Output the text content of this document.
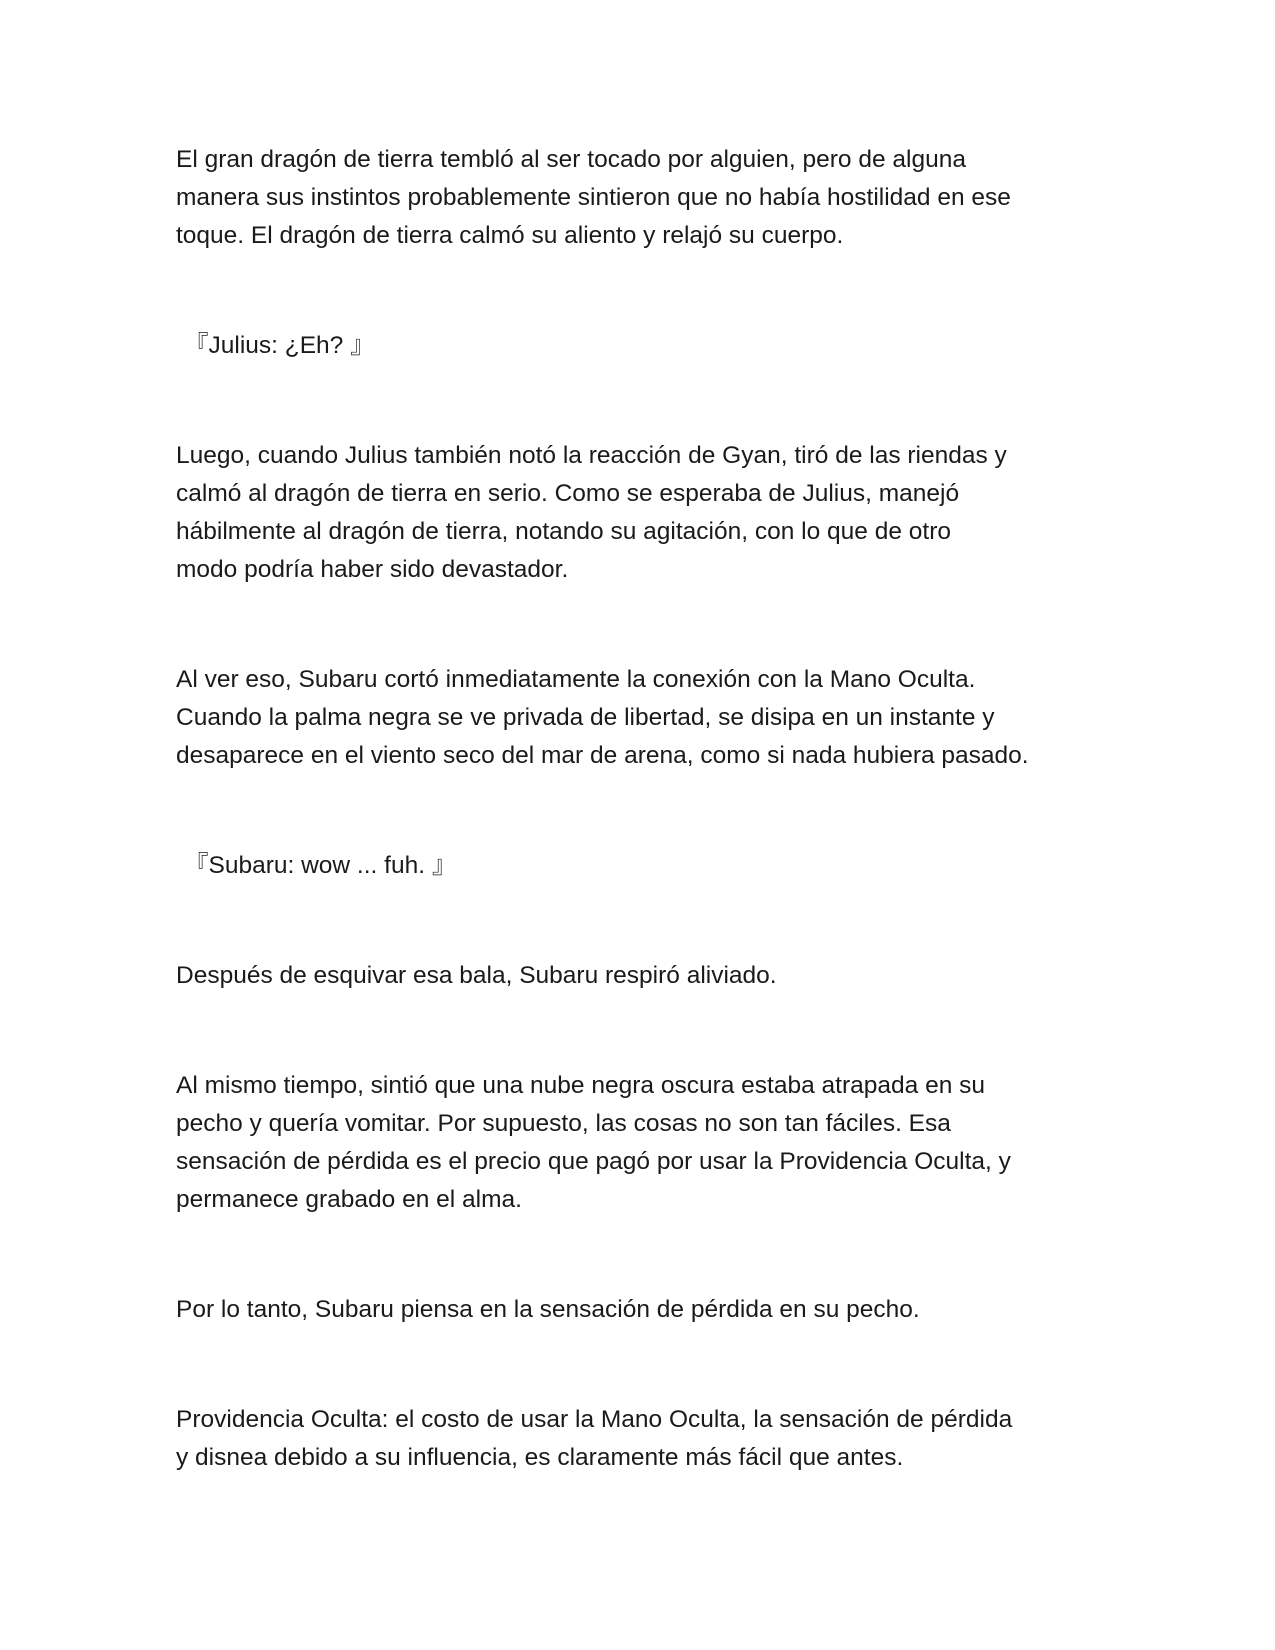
El gran dragón de tierra tembló al ser tocado por alguien, pero de alguna
manera sus instintos probablemente sintieron que no había hostilidad en ese
toque. El dragón de tierra calmó su aliento y relajó su cuerpo.

『Julius: ¿Eh? 』

Luego, cuando Julius también notó la reacción de Gyan, tiró de las riendas y
calmó al dragón de tierra en serio. Como se esperaba de Julius, manejó
hábilmente al dragón de tierra, notando su agitación, con lo que de otro
modo podría haber sido devastador.

Al ver eso, Subaru cortó inmediatamente la conexión con la Mano Oculta.
Cuando la palma negra se ve privada de libertad, se disipa en un instante y
desaparece en el viento seco del mar de arena, como si nada hubiera pasado.

『Subaru: wow ... fuh. 』

Después de esquivar esa bala, Subaru respiró aliviado.

Al mismo tiempo, sintió que una nube negra oscura estaba atrapada en su
pecho y quería vomitar. Por supuesto, las cosas no son tan fáciles. Esa
sensación de pérdida es el precio que pagó por usar la Providencia Oculta, y
permanece grabado en el alma.

Por lo tanto, Subaru piensa en la sensación de pérdida en su pecho.

Providencia Oculta: el costo de usar la Mano Oculta, la sensación de pérdida
y disnea debido a su influencia, es claramente más fácil que antes.
